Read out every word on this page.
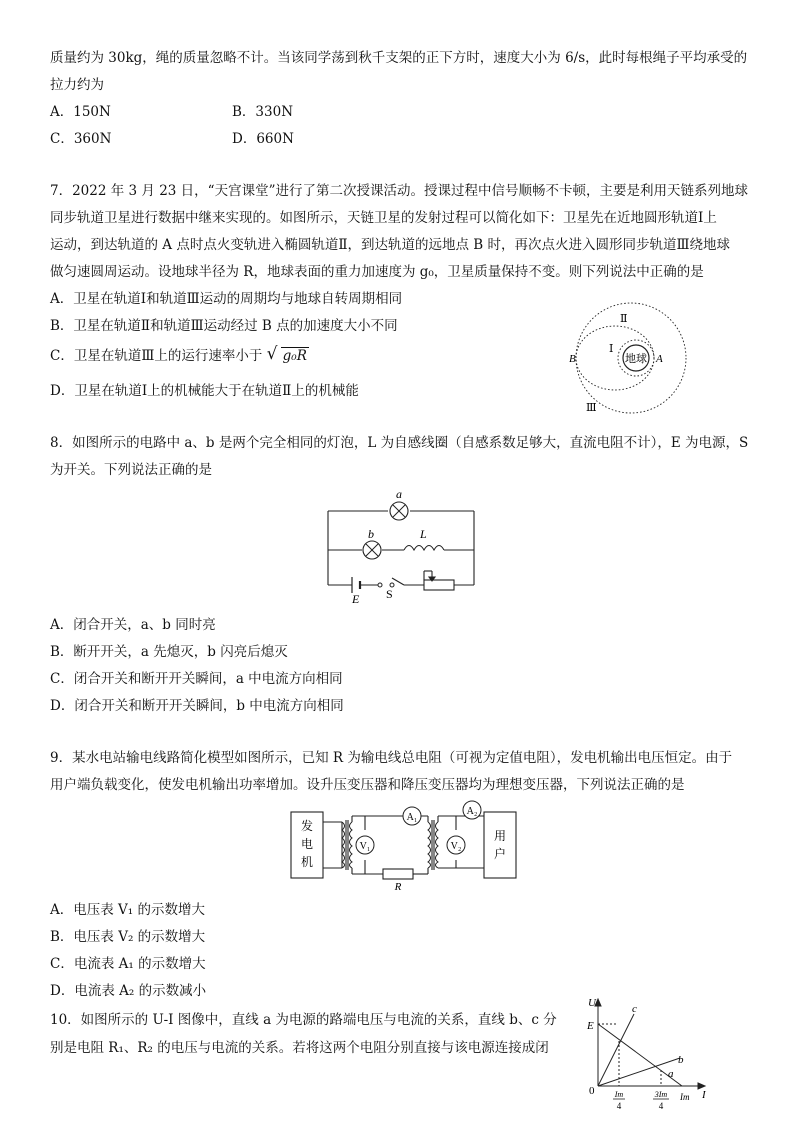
质量约为 30kg，绳的质量忽略不计。当该同学荡到秋千支架的正下方时，速度大小为 6/s，此时每根绳子平均承受的
拉力约为
A．150N	B．330N
C．360N	D．660N
7．2022 年 3 月 23 日，“天宫课堂”进行了第二次授课活动。授课过程中信号顺畅不卡顿，主要是利用天链系列地球
同步轨道卫星进行数据中继来实现的。如图所示，天链卫星的发射过程可以简化如下：卫星先在近地圆形轨道Ⅰ上
运动，到达轨道的 A 点时点火变轨进入椭圆轨道Ⅱ，到达轨道的远地点 B 时，再次点火进入圆形同步轨道Ⅲ绕地球
做匀速圆周运动。设地球半径为 R，地球表面的重力加速度为 g₀，卫星质量保持不变。则下列说法中正确的是
A．卫星在轨道Ⅰ和轨道Ⅲ运动的周期均与地球自转周期相同
B．卫星在轨道Ⅱ和轨道Ⅲ运动经过 B 点的加速度大小不同
C．卫星在轨道Ⅲ上的运行速率小于 √ g₀R
D．卫星在轨道Ⅰ上的机械能大于在轨道Ⅱ上的机械能
地球
Ⅱ
Ⅰ
B	A
Ⅲ
8．如图所示的电路中 a、b 是两个完全相同的灯泡，L 为自感线圈（自感系数足够大，直流电阻不计），E 为电源，S
为开关。下列说法正确的是
a
b	L
E S
A．闭合开关，a、b 同时亮
B．断开开关，a 先熄灭，b 闪亮后熄灭
C．闭合开关和断开开关瞬间，a 中电流方向相同
D．闭合开关和断开开关瞬间，b 中电流方向相同
9．某水电站输电线路简化模型如图所示，已知 R 为输电线总电阻（可视为定值电阻），发电机输出电压恒定。由于
用户端负载变化，使发电机输出功率增加。设升压变压器和降压变压器均为理想变压器，下列说法正确的是
发
电
机
用
户
V₁
A₁
V₂
A₂
R
A．电压表 V₁ 的示数增大
B．电压表 V₂ 的示数增大
C．电流表 A₁ 的示数增大
D．电流表 A₂ 的示数减小
10．如图所示的 U-I 图像中，直线 a 为电源的路端电压与电流的关系，直线 b、c 分
别是电阻 R₁、R₂ 的电压与电流的关系。若将这两个电阻分别直接与该电源连接成闭
U
E
c
b
a
0	I
Im
Im
4
3Im
4
